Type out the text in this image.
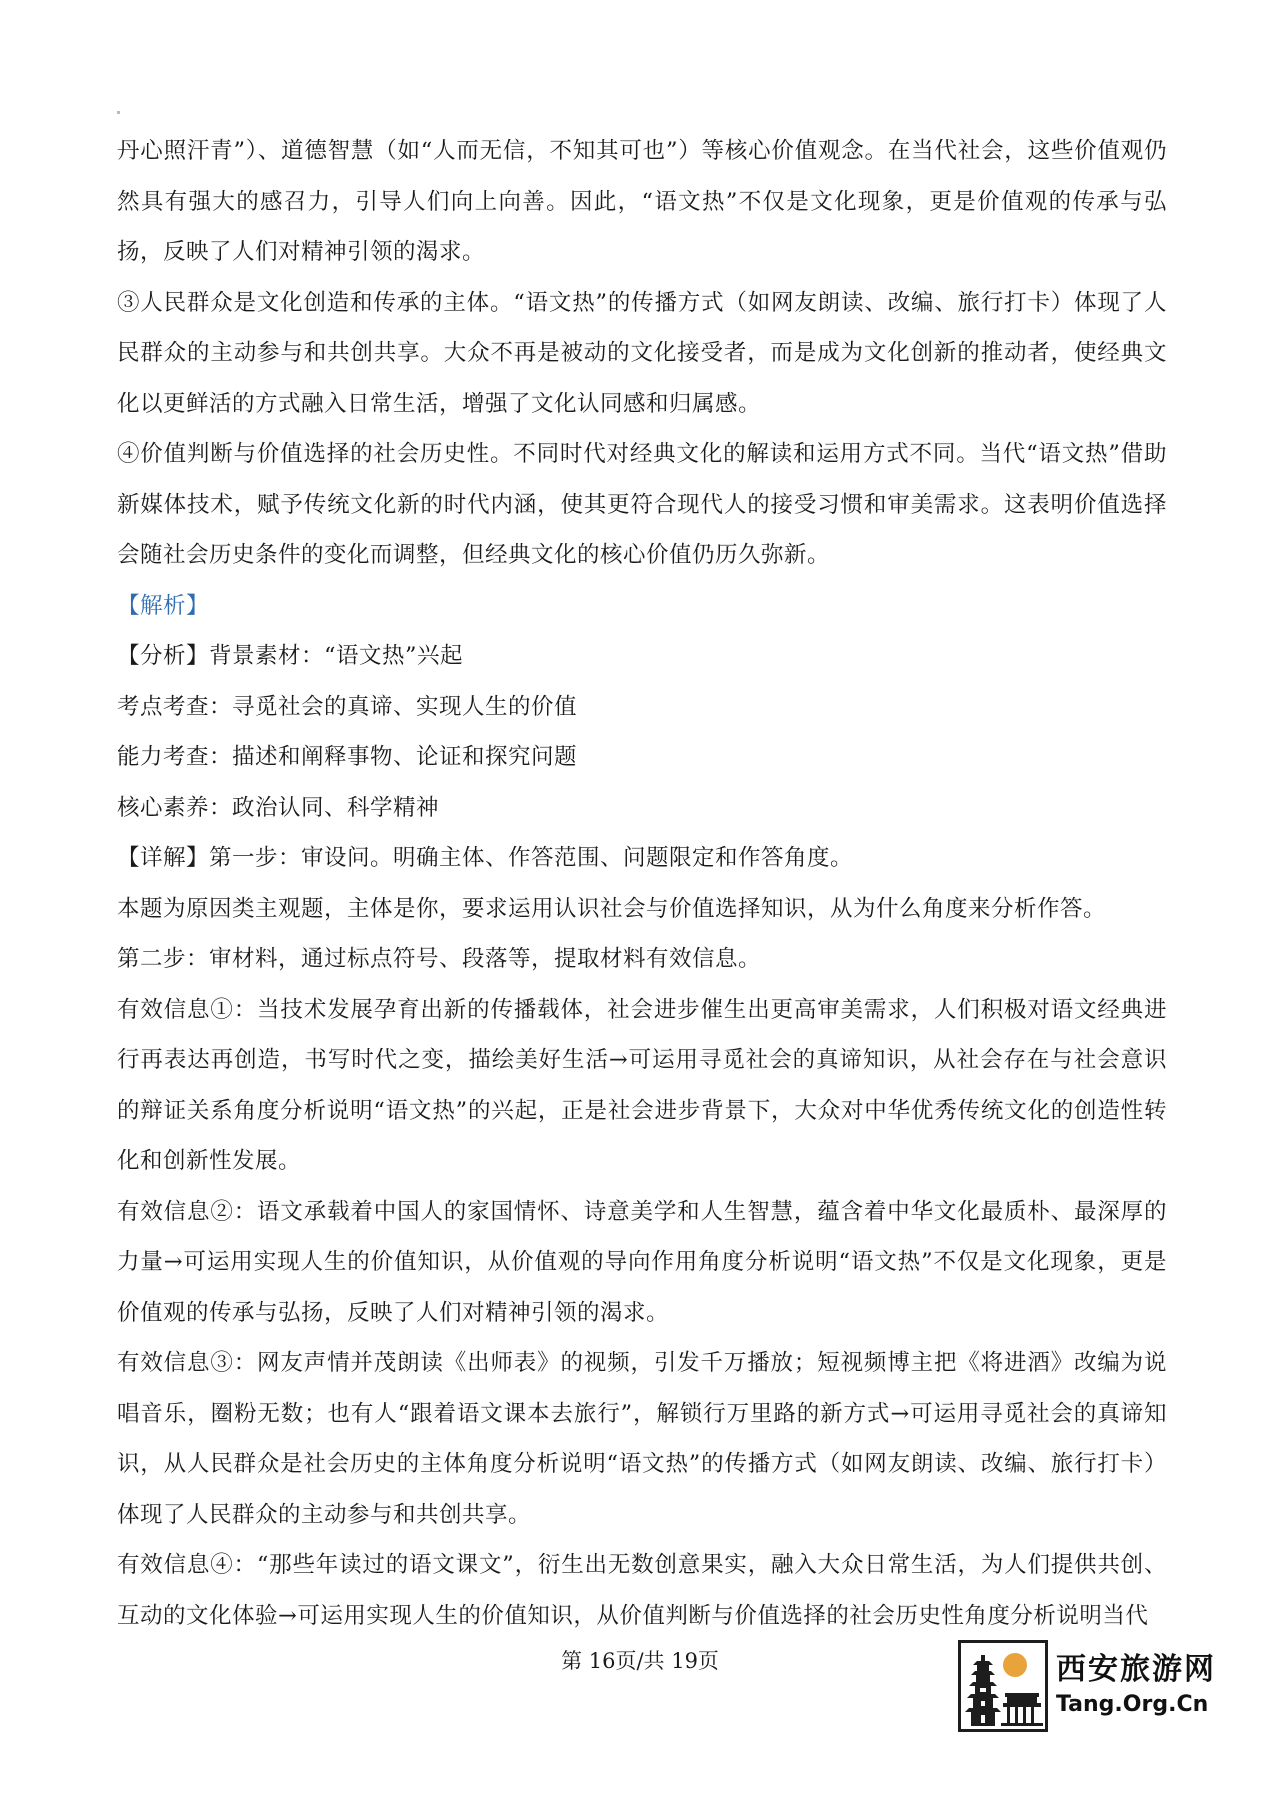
丹心照汗青”）、道德智慧（如“人而无信，不知其可也”）等核心价值观念。在当代社会，这些价值观仍然具有强大的感召力，引导人们向上向善。因此，“语文热”不仅是文化现象，更是价值观的传承与弘扬，反映了人们对精神引领的渴求。

③人民群众是文化创造和传承的主体。“语文热”的传播方式（如网友朗读、改编、旅行打卡）体现了人民群众的主动参与和共创共享。大众不再是被动的文化接受者，而是成为文化创新的推动者，使经典文化以更鲜活的方式融入日常生活，增强了文化认同感和归属感。

④价值判断与价值选择的社会历史性。不同时代对经典文化的解读和运用方式不同。当代“语文热”借助新媒体技术，赋予传统文化新的时代内涵，使其更符合现代人的接受习惯和审美需求。这表明价值选择会随社会历史条件的变化而调整，但经典文化的核心价值仍历久弥新。

【解析】

【分析】背景素材：“语文热”兴起

考点考查：寻觅社会的真谛、实现人生的价值

能力考查：描述和阐释事物、论证和探究问题

核心素养：政治认同、科学精神

【详解】第一步：审设问。明确主体、作答范围、问题限定和作答角度。

本题为原因类主观题，主体是你，要求运用认识社会与价值选择知识，从为什么角度来分析作答。

第二步：审材料，通过标点符号、段落等，提取材料有效信息。

有效信息①：当技术发展孕育出新的传播载体，社会进步催生出更高审美需求，人们积极对语文经典进行再表达再创造，书写时代之变，描绘美好生活→可运用寻觅社会的真谛知识，从社会存在与社会意识的辩证关系角度分析说明“语文热”的兴起，正是社会进步背景下，大众对中华优秀传统文化的创造性转化和创新性发展。

有效信息②：语文承载着中国人的家国情怀、诗意美学和人生智慧，蕴含着中华文化最质朴、最深厚的力量→可运用实现人生的价值知识，从价值观的导向作用角度分析说明“语文热”不仅是文化现象，更是价值观的传承与弘扬，反映了人们对精神引领的渴求。

有效信息③：网友声情并茂朗读《出师表》的视频，引发千万播放；短视频博主把《将进酒》改编为说唱音乐，圈粉无数；也有人“跟着语文课本去旅行”，解锁行万里路的新方式→可运用寻觅社会的真谛知识，从人民群众是社会历史的主体角度分析说明“语文热”的传播方式（如网友朗读、改编、旅行打卡）体现了人民群众的主动参与和共创共享。

有效信息④：“那些年读过的语文课文”，衍生出无数创意果实，融入大众日常生活，为人们提供共创、互动的文化体验→可运用实现人生的价值知识，从价值判断与价值选择的社会历史性角度分析说明当代

第 16页/共 19页	西安旅游网
Tang.Org.Cn
